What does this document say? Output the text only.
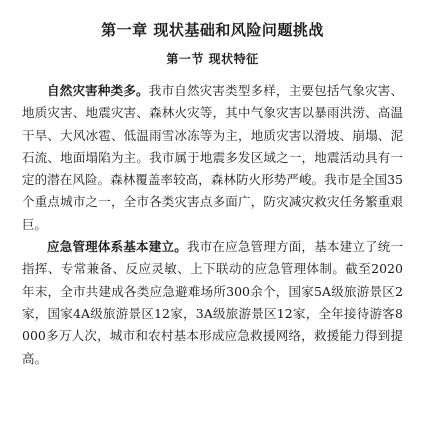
第一章 现状基础和风险问题挑战
第一节 现状特征

自然灾害种类多。我市自然灾害类型多样，主要包括气象灾害、地质灾害、地震灾害、森林火灾等，其中气象灾害以暴雨洪涝、高温干旱、大风冰雹、低温雨雪冰冻等为主，地质灾害以滑坡、崩塌、泥石流、地面塌陷为主。我市属于地震多发区域之一，地震活动具有一定的潜在风险。森林覆盖率较高，森林防火形势严峻。我市是全国35个重点城市之一，全市各类灾害点多面广，防灾减灾救灾任务繁重艰巨。

应急管理体系基本建立。我市在应急管理方面，基本建立了统一指挥、专常兼备、反应灵敏、上下联动的应急管理体制。截至2020年末，全市共建成各类应急避难场所300余个，国家5A级旅游景区2家，国家4A级旅游景区12家，3A级旅游景区12家，全年接待游客8000多万人次，城市和农村基本形成应急救援网络，救援能力得到提高。
